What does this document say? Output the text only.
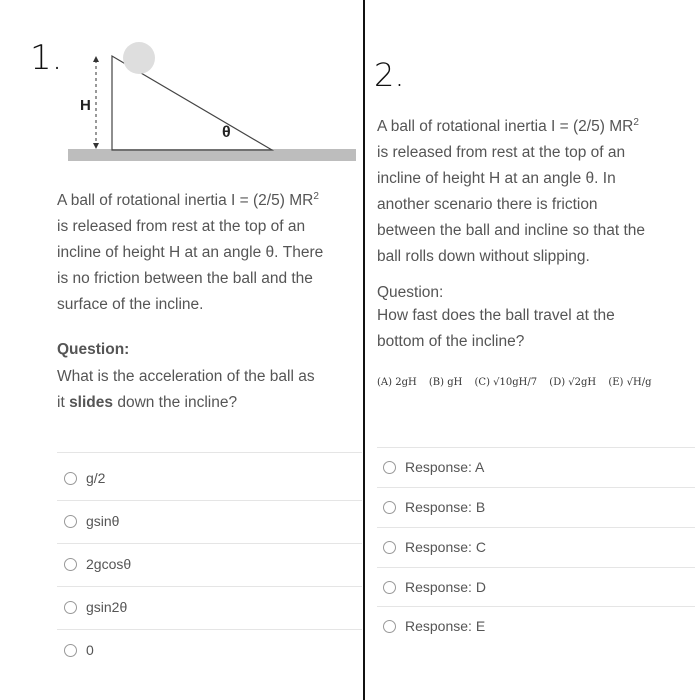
1.
H
θ
A ball of rotational inertia I = (2/5) $MR^2$
is released from rest at the top of an
incline of height H at an angle θ. There
is no friction between the ball and the
surface of the incline.
Question:
What is the acceleration of the ball as
it slides down the incline?
g/2
gsinθ
2gcosθ
gsin2θ
0
2.
A ball of rotational inertia I = (2/5) $MR^2$
is released from rest at the top of an
incline of height H at an angle θ. In
another scenario there is friction
between the ball and incline so that the
ball rolls down without slipping.
Question:
How fast does the ball travel at the
bottom of the incline?
(A) 2gH (B) gH (C) √10gH/7 (D) √2gH (E) √H/g
Response: A
Response: B
Response: C
Response: D
Response: E
